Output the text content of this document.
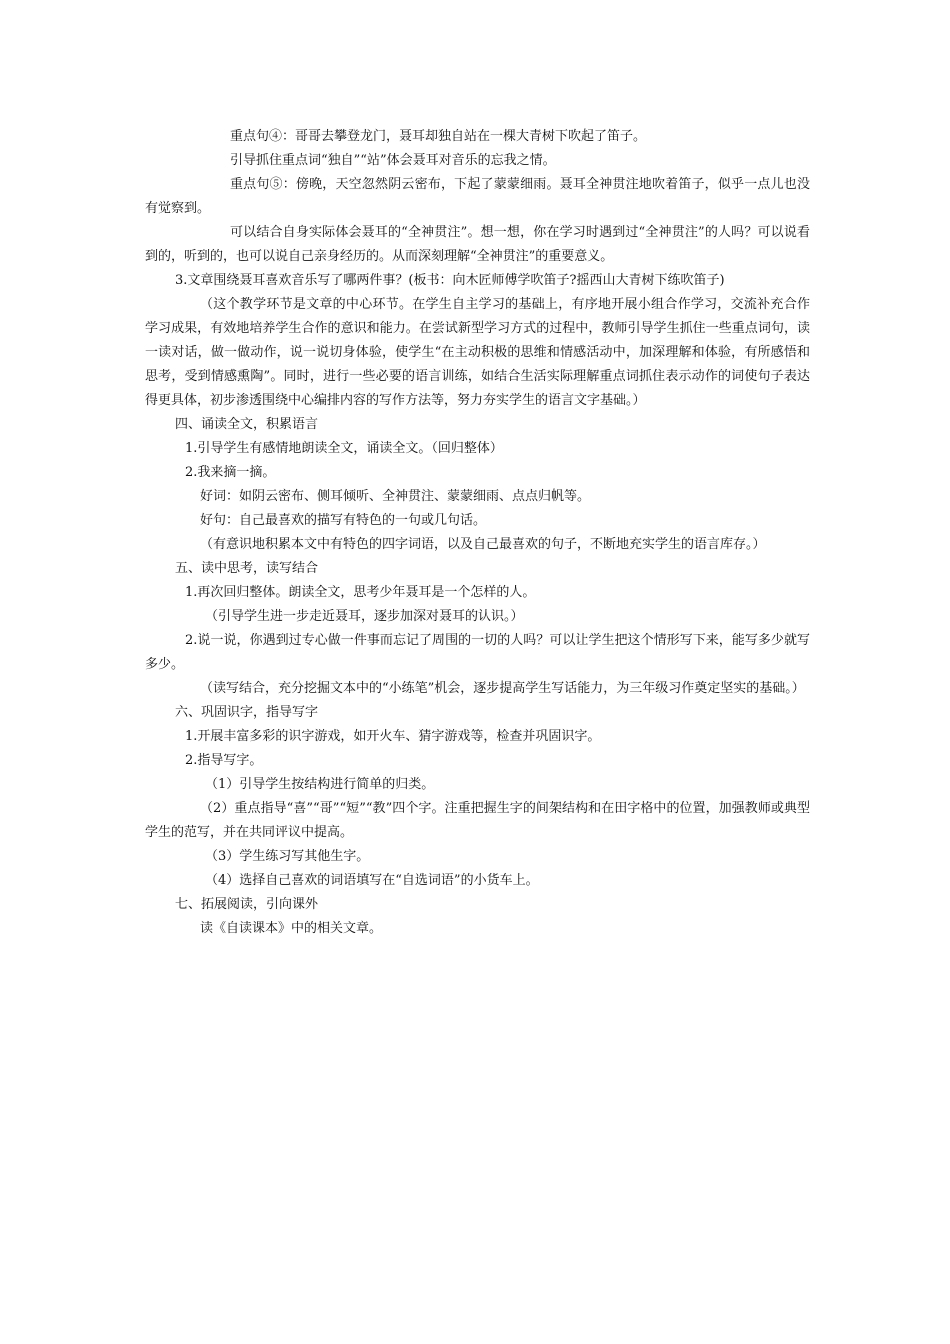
重点句④：哥哥去攀登龙门，聂耳却独自站在一棵大青树下吹起了笛子。

引导抓住重点词“独自”“站”体会聂耳对音乐的忘我之情。

重点句⑤：傍晚，天空忽然阴云密布，下起了蒙蒙细雨。聂耳全神贯注地吹着笛子，似乎一点儿也没有觉察到。

可以结合自身实际体会聂耳的“全神贯注”。想一想，你在学习时遇到过“全神贯注”的人吗？可以说看到的，听到的，也可以说自己亲身经历的。从而深刻理解“全神贯注”的重要意义。

3.文章围绕聂耳喜欢音乐写了哪两件事？(板书：向木匠师傅学吹笛子?摇西山大青树下练吹笛子)

（这个教学环节是文章的中心环节。在学生自主学习的基础上，有序地开展小组合作学习，交流补充合作学习成果，有效地培养学生合作的意识和能力。在尝试新型学习方式的过程中，教师引导学生抓住一些重点词句，读一读对话，做一做动作，说一说切身体验，使学生“在主动积极的思维和情感活动中，加深理解和体验，有所感悟和思考，受到情感熏陶”。同时，进行一些必要的语言训练，如结合生活实际理解重点词抓住表示动作的词使句子表达得更具体，初步渗透围绕中心编排内容的写作方法等，努力夯实学生的语言文字基础。）

四、诵读全文，积累语言

1.引导学生有感情地朗读全文，诵读全文。（回归整体）

2.我来摘一摘。

好词：如阴云密布、侧耳倾听、全神贯注、蒙蒙细雨、点点归帆等。

好句：自己最喜欢的描写有特色的一句或几句话。

（有意识地积累本文中有特色的四字词语，以及自己最喜欢的句子，不断地充实学生的语言库存。）

五、读中思考，读写结合

1.再次回归整体。朗读全文，思考少年聂耳是一个怎样的人。

（引导学生进一步走近聂耳，逐步加深对聂耳的认识。）

2.说一说，你遇到过专心做一件事而忘记了周围的一切的人吗？可以让学生把这个情形写下来，能写多少就写多少。

（读写结合，充分挖掘文本中的“小练笔”机会，逐步提高学生写话能力，为三年级习作奠定坚实的基础。）

六、巩固识字，指导写字

1.开展丰富多彩的识字游戏，如开火车、猜字游戏等，检查并巩固识字。

2.指导写字。

（1）引导学生按结构进行简单的归类。

（2）重点指导“喜”“哥”“短”“教”四个字。注重把握生字的间架结构和在田字格中的位置，加强教师或典型学生的范写，并在共同评议中提高。

（3）学生练习写其他生字。

（4）选择自己喜欢的词语填写在“自选词语”的小货车上。

七、拓展阅读，引向课外

读《自读课本》中的相关文章。
